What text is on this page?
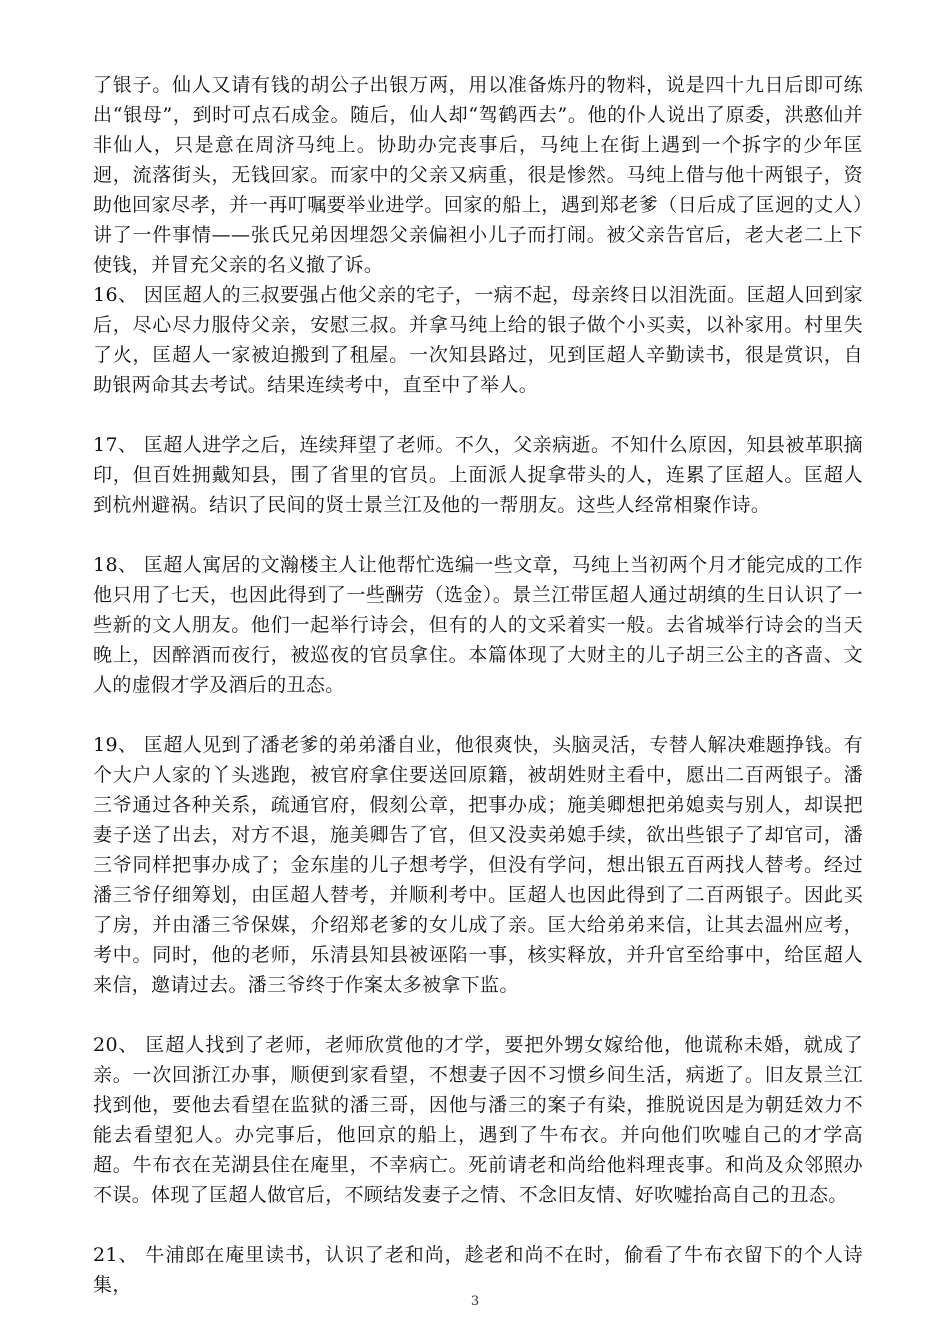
了银子。仙人又请有钱的胡公子出银万两，用以准备炼丹的物料，说是四十九日后即可练出“银母”，到时可点石成金。随后，仙人却“驾鹤西去”。他的仆人说出了原委，洪憨仙并非仙人，只是意在周济马纯上。协助办完丧事后，马纯上在街上遇到一个拆字的少年匡迥，流落街头，无钱回家。而家中的父亲又病重，很是惨然。马纯上借与他十两银子，资助他回家尽孝，并一再叮嘱要举业进学。回家的船上，遇到郑老爹（日后成了匡迥的丈人）讲了一件事情——张氏兄弟因埋怨父亲偏袒小儿子而打闹。被父亲告官后，老大老二上下使钱，并冒充父亲的名义撤了诉。

16、 因匡超人的三叔要强占他父亲的宅子，一病不起，母亲终日以泪洗面。匡超人回到家后，尽心尽力服侍父亲，安慰三叔。并拿马纯上给的银子做个小买卖，以补家用。村里失了火，匡超人一家被迫搬到了租屋。一次知县路过，见到匡超人辛勤读书，很是赏识，自助银两命其去考试。结果连续考中，直至中了举人。

17、 匡超人进学之后，连续拜望了老师。不久，父亲病逝。不知什么原因，知县被革职摘印，但百姓拥戴知县，围了省里的官员。上面派人捉拿带头的人，连累了匡超人。匡超人到杭州避祸。结识了民间的贤士景兰江及他的一帮朋友。这些人经常相聚作诗。

18、 匡超人寓居的文瀚楼主人让他帮忙选编一些文章，马纯上当初两个月才能完成的工作他只用了七天，也因此得到了一些酬劳（选金）。景兰江带匡超人通过胡缜的生日认识了一些新的文人朋友。他们一起举行诗会，但有的人的文采着实一般。去省城举行诗会的当天晚上，因醉酒而夜行，被巡夜的官员拿住。本篇体现了大财主的儿子胡三公主的吝啬、文人的虚假才学及酒后的丑态。

19、 匡超人见到了潘老爹的弟弟潘自业，他很爽快，头脑灵活，专替人解决难题挣钱。有个大户人家的丫头逃跑，被官府拿住要送回原籍，被胡姓财主看中，愿出二百两银子。潘三爷通过各种关系，疏通官府，假刻公章，把事办成；施美卿想把弟媳卖与别人，却误把妻子送了出去，对方不退，施美卿告了官，但又没卖弟媳手续，欲出些银子了却官司，潘三爷同样把事办成了；金东崖的儿子想考学，但没有学问，想出银五百两找人替考。经过潘三爷仔细筹划，由匡超人替考，并顺利考中。匡超人也因此得到了二百两银子。因此买了房，并由潘三爷保媒，介绍郑老爹的女儿成了亲。匡大给弟弟来信，让其去温州应考，考中。同时，他的老师，乐清县知县被诬陷一事，核实释放，并升官至给事中，给匡超人来信，邀请过去。潘三爷终于作案太多被拿下监。

20、 匡超人找到了老师，老师欣赏他的才学，要把外甥女嫁给他，他谎称未婚，就成了亲。一次回浙江办事，顺便到家看望，不想妻子因不习惯乡间生活，病逝了。旧友景兰江找到他，要他去看望在监狱的潘三哥，因他与潘三的案子有染，推脱说因是为朝廷效力不能去看望犯人。办完事后，他回京的船上，遇到了牛布衣。并向他们吹嘘自己的才学高超。牛布衣在芜湖县住在庵里，不幸病亡。死前请老和尚给他料理丧事。和尚及众邻照办不误。体现了匡超人做官后，不顾结发妻子之情、不念旧友情、好吹嘘抬高自己的丑态。

21、 牛浦郎在庵里读书，认识了老和尚，趁老和尚不在时，偷看了牛布衣留下的个人诗集，

3
